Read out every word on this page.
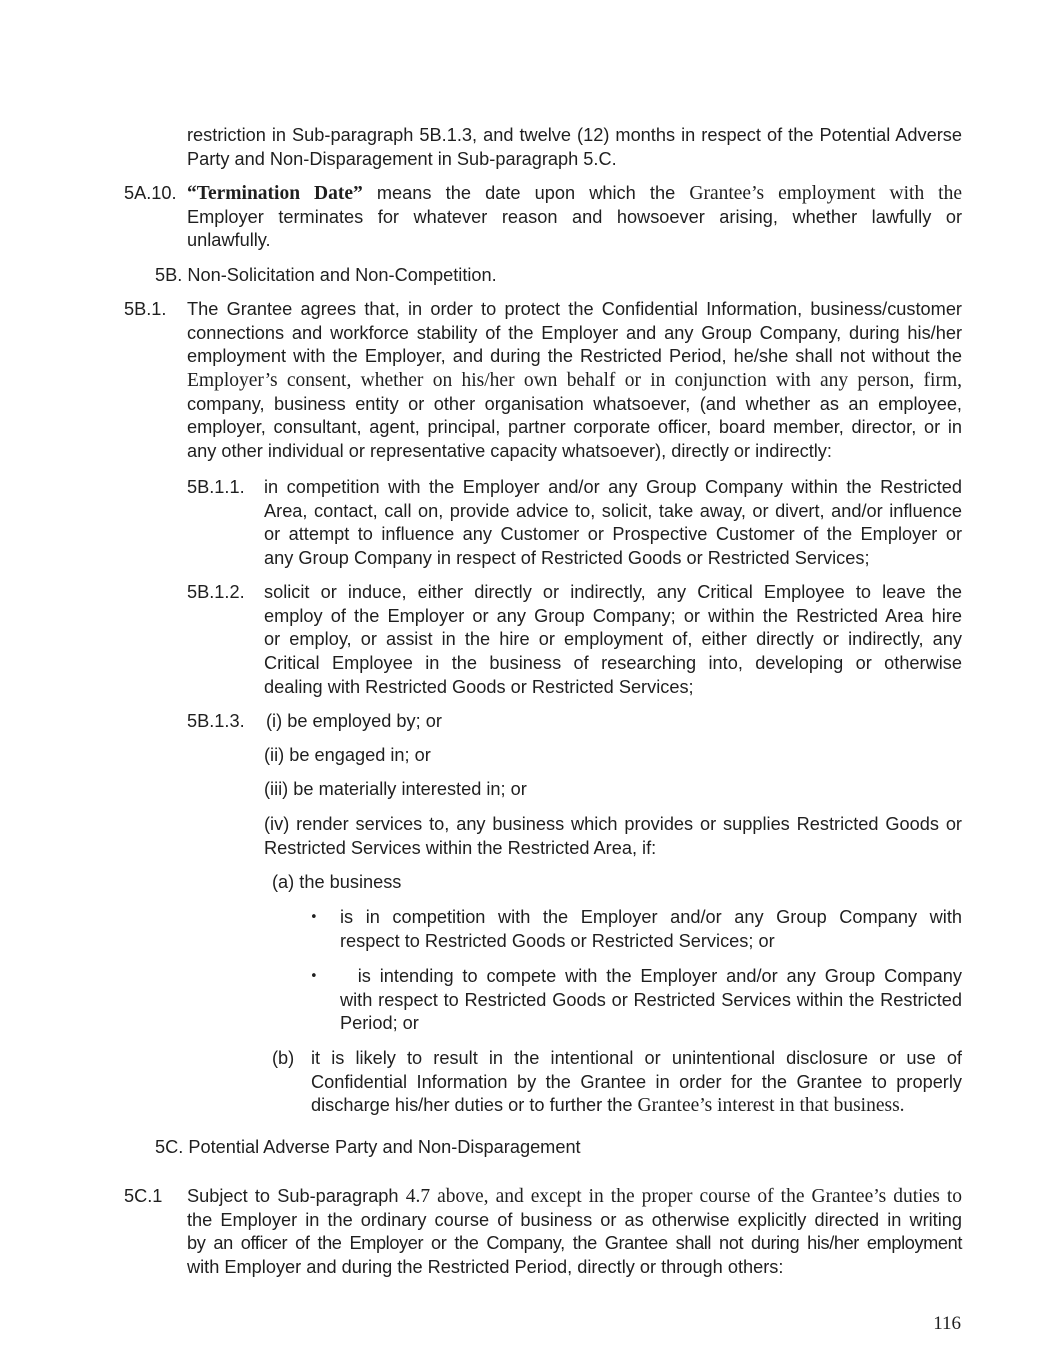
restriction in Sub-paragraph 5B.1.3, and twelve (12) months in respect of the Potential Adverse
Party and Non-Disparagement in Sub-paragraph 5.C.
5A.10. “Termination Date” means the date upon which the Grantee’s employment with the
Employer terminates for whatever reason and howsoever arising, whether lawfully or
unlawfully.
5B. Non-Solicitation and Non-Competition.
5B.1. The Grantee agrees that, in order to protect the Confidential Information, business/customer
connections and workforce stability of the Employer and any Group Company, during his/her
employment with the Employer, and during the Restricted Period, he/she shall not without the
Employer’s consent, whether on his/her own behalf or in conjunction with any person, firm,
company, business entity or other organisation whatsoever, (and whether as an employee,
employer, consultant, agent, principal, partner corporate officer, board member, director, or in
any other individual or representative capacity whatsoever), directly or indirectly:
5B.1.1. in competition with the Employer and/or any Group Company within the Restricted
Area, contact, call on, provide advice to, solicit, take away, or divert, and/or influence
or attempt to influence any Customer or Prospective Customer of the Employer or
any Group Company in respect of Restricted Goods or Restricted Services;
5B.1.2. solicit or induce, either directly or indirectly, any Critical Employee to leave the
employ of the Employer or any Group Company; or within the Restricted Area hire
or employ, or assist in the hire or employment of, either directly or indirectly, any
Critical Employee in the business of researching into, developing or otherwise
dealing with Restricted Goods or Restricted Services;
5B.1.3. (i) be employed by; or
(ii) be engaged in; or
(iii) be materially interested in; or
(iv) render services to, any business which provides or supplies Restricted Goods or
Restricted Services within the Restricted Area, if:
(a) the business
• is in competition with the Employer and/or any Group Company with
respect to Restricted Goods or Restricted Services; or
• is intending to compete with the Employer and/or any Group Company
with respect to Restricted Goods or Restricted Services within the Restricted
Period; or
(b) it is likely to result in the intentional or unintentional disclosure or use of
Confidential Information by the Grantee in order for the Grantee to properly
discharge his/her duties or to further the Grantee’s interest in that business.
5C. Potential Adverse Party and Non-Disparagement
5C.1 Subject to Sub-paragraph 4.7 above, and except in the proper course of the Grantee’s duties to
the Employer in the ordinary course of business or as otherwise explicitly directed in writing
by an officer of the Employer or the Company, the Grantee shall not during his/her employment
with Employer and during the Restricted Period, directly or through others:
116
